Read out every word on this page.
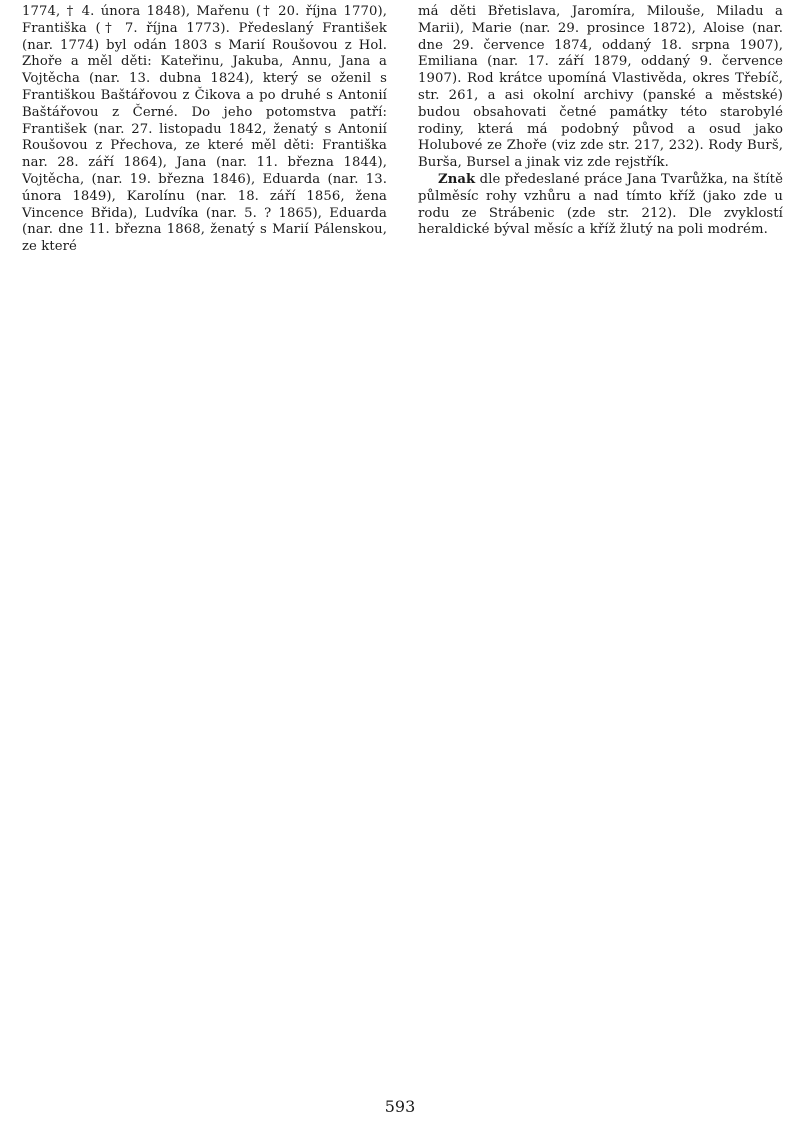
1774, † 4. února 1848), Mařenu († 20. října 1770), Františka († 7. října 1773). Předeslaný František (nar. 1774) byl odán 1803 s Marií Roušovou z Hol. Zhoře a měl děti: Kateřinu, Jakuba, Annu, Jana a Vojtěcha (nar. 13. dubna 1824), který se oženil s Františkou Baštářovou z Čikova a po druhé s Antonií Baštářovou z Černé. Do jeho potomstva patří: František (nar. 27. listopadu 1842, ženatý s Antonií Roušovou z Přechova, ze které měl děti: Františka nar. 28. září 1864), Jana (nar. 11. března 1844), Vojtěcha, (nar. 19. března 1846), Eduarda (nar. 13. února 1849), Karolínu (nar. 18. září 1856, žena Vincence Břida), Ludvíka (nar. 5. ? 1865), Eduarda (nar. dne 11. března 1868, ženatý s Marií Pálenskou, ze které

má děti Břetislava, Jaromíra, Milouše, Miladu a Marii), Marie (nar. 29. prosince 1872), Aloise (nar. dne 29. července 1874, oddaný 18. srpna 1907), Emiliana (nar. 17. září 1879, oddaný 9. července 1907). Rod krátce upomíná Vlastivěda, okres Třebíč, str. 261, a asi okolní archivy (panské a městské) budou obsahovati četné památky této starobylé rodiny, která má podobný původ a osud jako Holubové ze Zhoře (viz zde str. 217, 232). Rody Burš, Burša, Bursel a jinak viz zde rejstřík.

Znak dle předeslané práce Jana Tvarůžka, na štítě půlměsíc rohy vzhůru a nad tímto kříž (jako zde u rodu ze Strábenic (zde str. 212). Dle zvyklostí heraldické býval měsíc a kříž žlutý na poli modrém.

593
